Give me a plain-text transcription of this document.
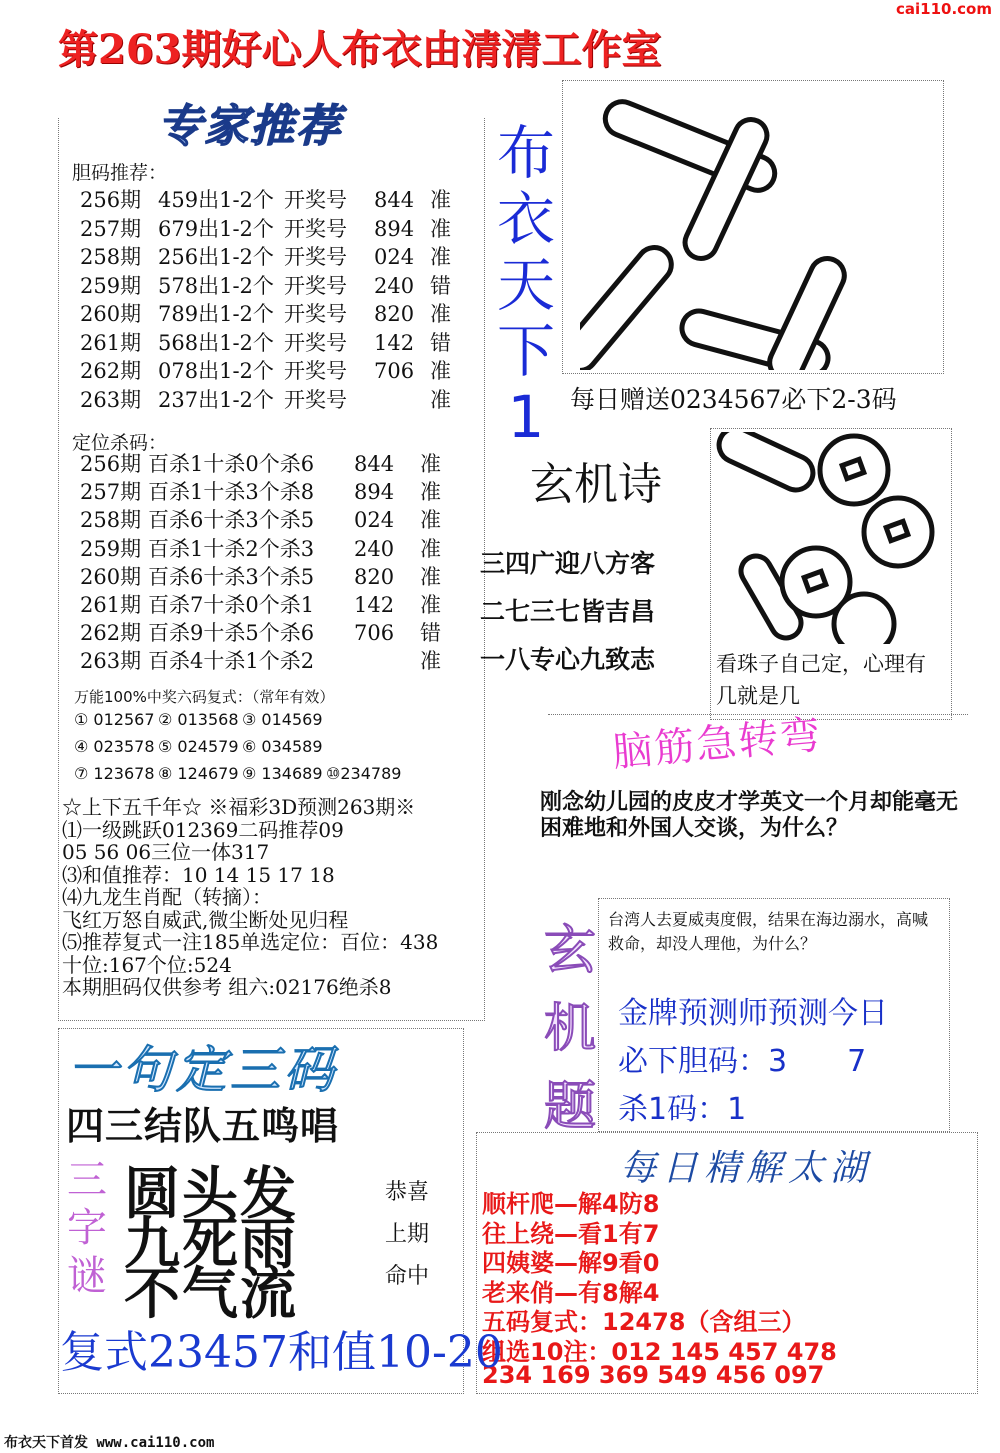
cai110.com
第263期好心人布衣由清清工作室
专家推荐
胆码推荐：
256期 459出1-2个 开奖号 844 准
257期 679出1-2个 开奖号 894 准
258期 256出1-2个 开奖号 024 准
259期 578出1-2个 开奖号 240 错
260期 789出1-2个 开奖号 820 准
261期 568出1-2个 开奖号 142 错
262期 078出1-2个 开奖号 706 准
263期 237出1-2个 开奖号	准
定位杀码：
256期 百杀1十杀0个杀6 844 准
257期 百杀1十杀3个杀8 894 准
258期 百杀6十杀3个杀5 024 准
259期 百杀1十杀2个杀3 240 准
260期 百杀6十杀3个杀5 820 准
261期 百杀7十杀0个杀1 142 准
262期 百杀9十杀5个杀6 706 错
263期 百杀4十杀1个杀2	准
万能100%中奖六码复式：（常年有效）
① 012567 ② 013568 ③ 014569
④ 023578 ⑤ 024579 ⑥ 034589
⑦ 123678 ⑧ 124679 ⑨ 134689 ⑩234789
☆上下五千年☆ ※福彩3D预测263期※
⑴一级跳跃012369二码推荐09
05 56 06三位一体317
⑶和值推荐：10 14 15 17 18
⑷九龙生肖配（转摘）：
飞红万怒自威武,微尘断处见归程
⑸推荐复式一注185单选定位：百位：438
十位:167个位:524
本期胆码仅供参考 组六:02176绝杀8
布
衣
天
下
1	每日赠送0234567必下2-3码
玄机诗
三四广迎八方客
二七三七皆吉昌
一八专心九致志	看珠子自己定，心理有几就是几
脑筋急转弯
刚念幼儿园的皮皮才学英文一个月却能毫无困难地和外国人交谈，为什么？
玄
机
题
台湾人去夏威夷度假，结果在海边溺水，高喊救命，却没人理他，为什么？
金牌预测师预测今日
必下胆码：3　　7
杀1码：1
每日精解太湖
顺杆爬—解4防8
往上绕—看1有7
四姨婆—解9看0
老来俏—有8解4
五码复式：12478（含组三）
组选10注：012 145 457 478
234 169 369 549 456 097
一句定三码
四三结队五鸣唱
三
字
谜
圆头发
九死雨
不气流
恭喜
上期
命中
复式23457和值10-20
布衣天下首发 www.cai110.com
